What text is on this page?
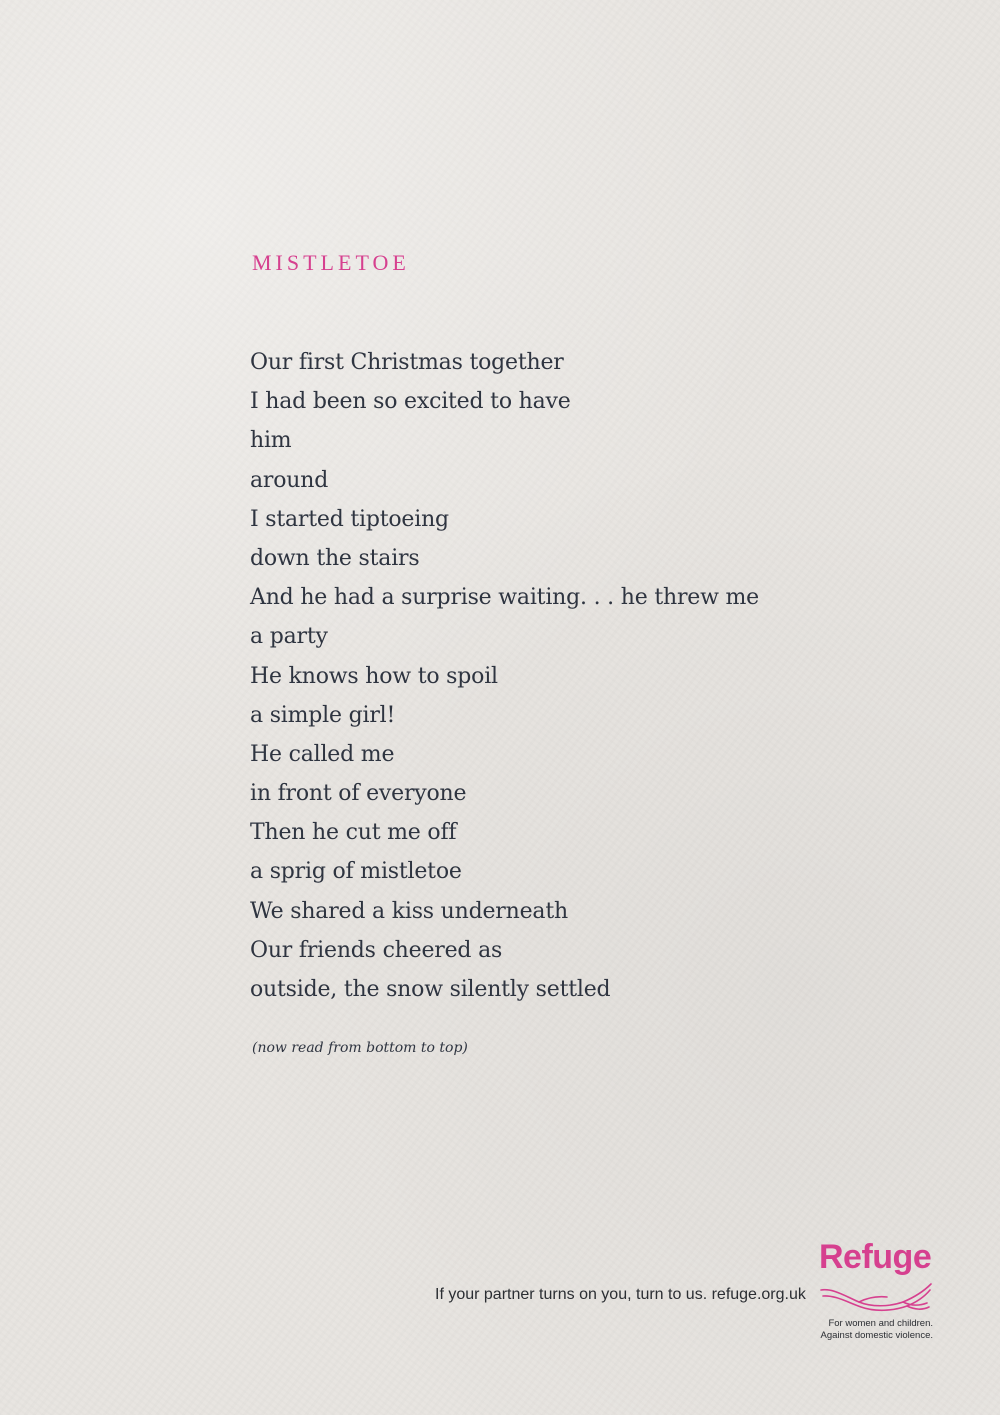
MISTLETOE
Our first Christmas together
I had been so excited to have
him
around
I started tiptoeing
down the stairs
And he had a surprise waiting. . . he threw me
a party
He knows how to spoil
a simple girl!
He called me
in front of everyone
Then he cut me off
a sprig of mistletoe
We shared a kiss underneath
Our friends cheered as
outside, the snow silently settled

(now read from bottom to top)

If your partner turns on you, turn to us. refuge.org.uk

Refuge

For women and children.
Against domestic violence.
